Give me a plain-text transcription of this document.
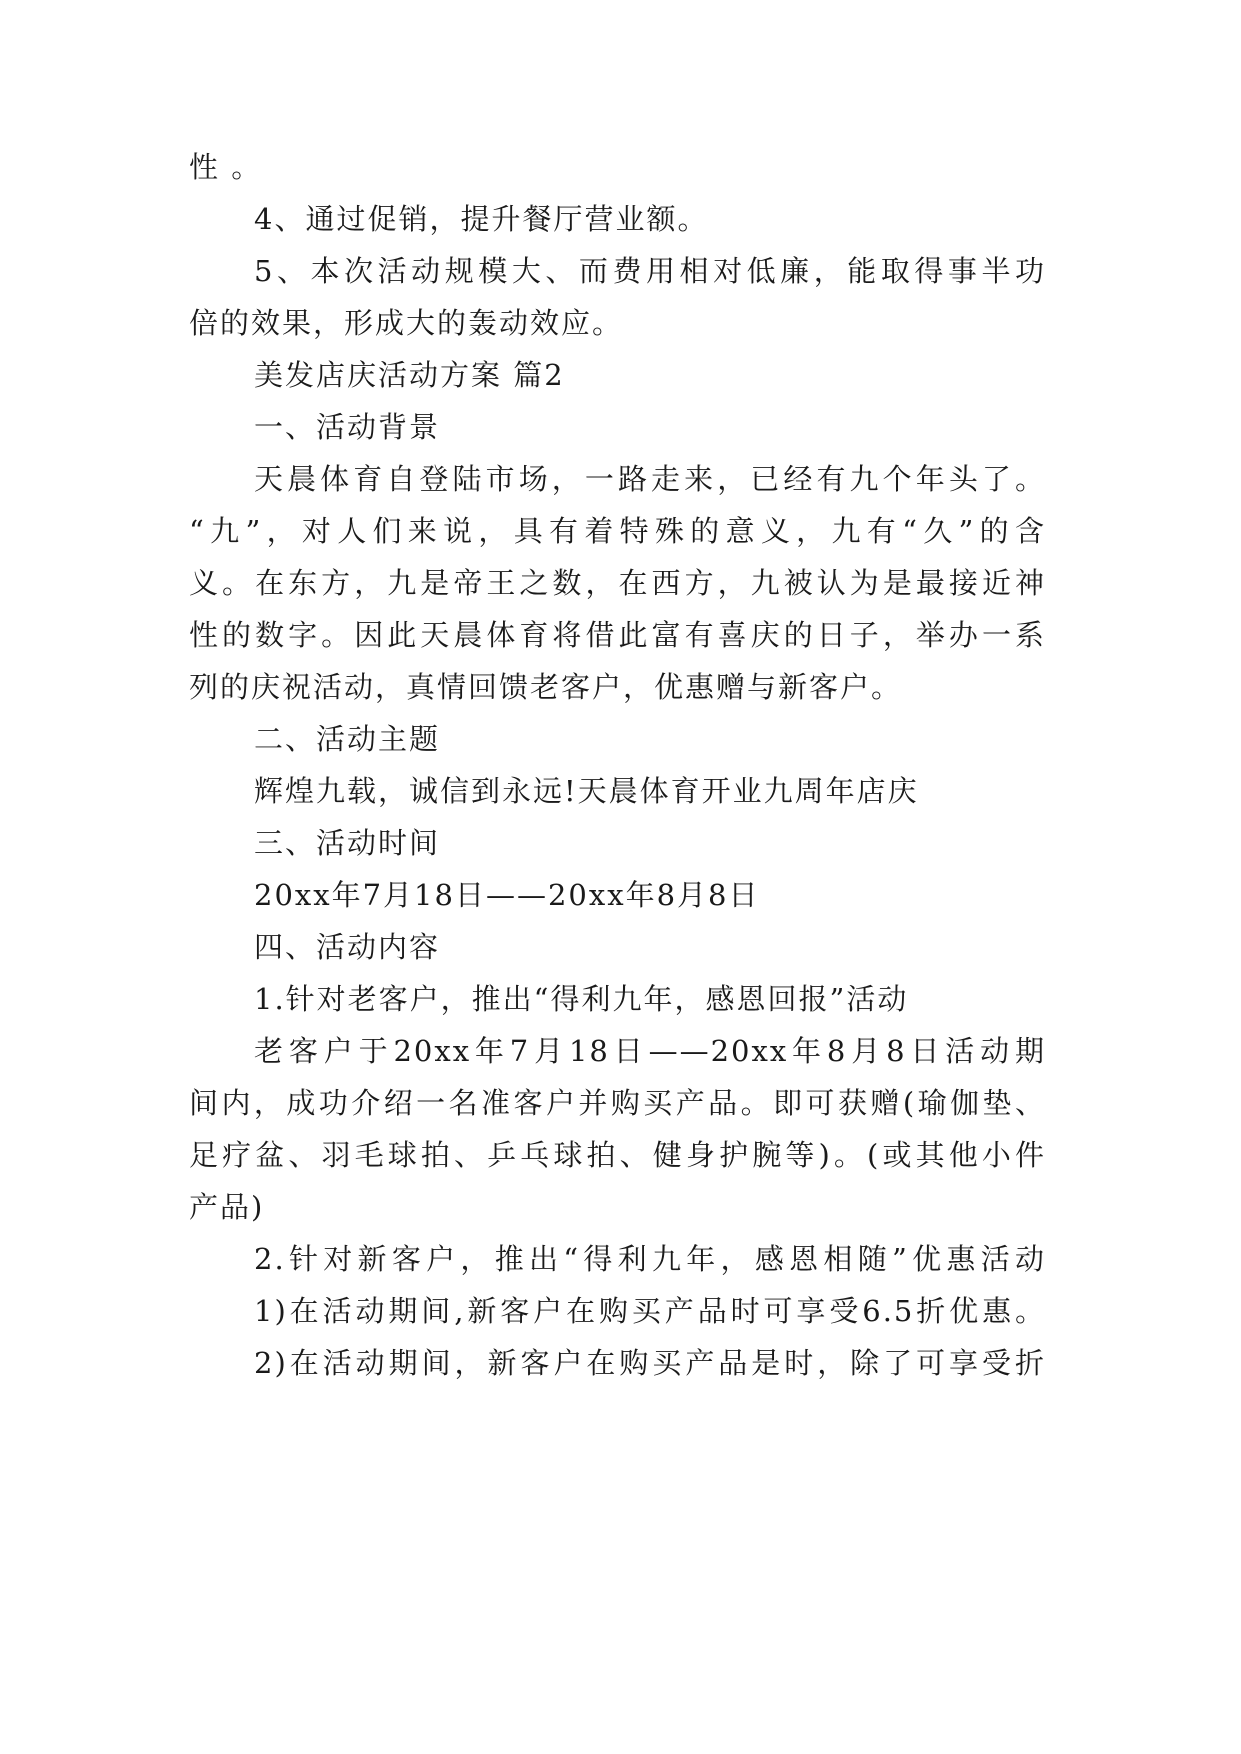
性 。

4、通过促销，提升餐厅营业额。

5、本次活动规模大、而费用相对低廉，能取得事半功

倍的效果，形成大的轰动效应。

美发店庆活动方案 篇2

一、活动背景

天晨体育自登陆市场，一路走来，已经有九个年头了。

“九”，对人们来说，具有着特殊的意义，九有“久”的含

义。在东方，九是帝王之数，在西方，九被认为是最接近神

性的数字。因此天晨体育将借此富有喜庆的日子，举办一系

列的庆祝活动，真情回馈老客户，优惠赠与新客户。

二、活动主题

辉煌九载，诚信到永远!天晨体育开业九周年店庆

三、活动时间

20xx年7月18日——20xx年8月8日

四、活动内容

1.针对老客户，推出“得利九年，感恩回报”活动

老客户于20xx年7月18日——20xx年8月8日活动期

间内，成功介绍一名准客户并购买产品。即可获赠(瑜伽垫、

足疗盆、羽毛球拍、乒乓球拍、健身护腕等)。(或其他小件

产品)

2.针对新客户，推出“得利九年，感恩相随”优惠活动

1)在活动期间,新客户在购买产品时可享受6.5折优惠。

2)在活动期间，新客户在购买产品是时，除了可享受折
